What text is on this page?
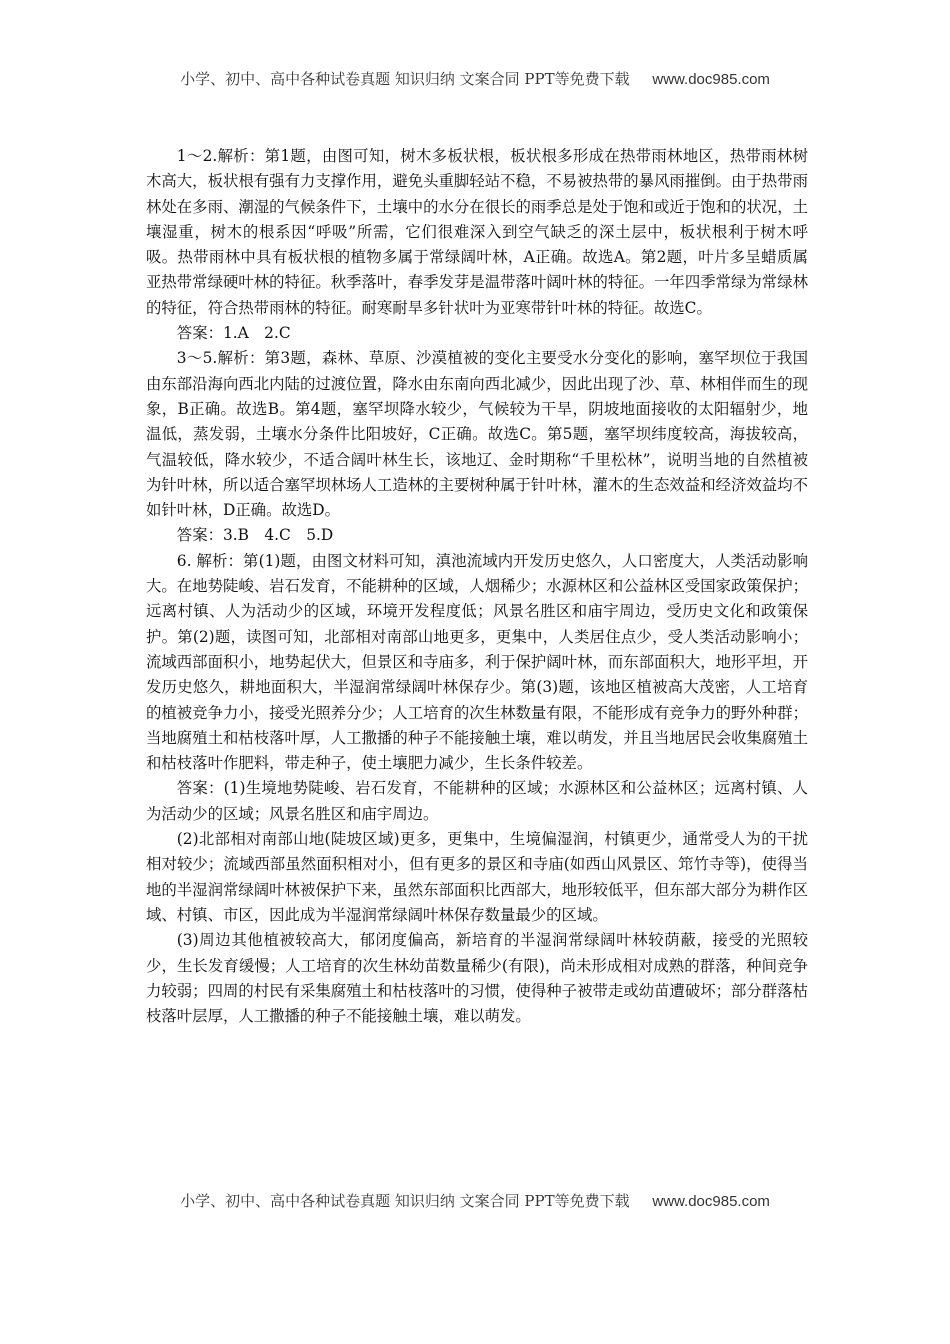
小学、初中、高中各种试卷真题 知识归纳 文案合同 PPT等免费下载 www.doc985.com

1～2.解析：第1题，由图可知，树木多板状根，板状根多形成在热带雨林地区，热带雨林树木高大，板状根有强有力支撑作用，避免头重脚轻站不稳，不易被热带的暴风雨摧倒。由于热带雨林处在多雨、潮湿的气候条件下，土壤中的水分在很长的雨季总是处于饱和或近于饱和的状况，土壤湿重，树木的根系因“呼吸”所需，它们很难深入到空气缺乏的深土层中，板状根利于树木呼吸。热带雨林中具有板状根的植物多属于常绿阔叶林，A正确。故选A。第2题，叶片多呈蜡质属亚热带常绿硬叶林的特征。秋季落叶，春季发芽是温带落叶阔叶林的特征。一年四季常绿为常绿林的特征，符合热带雨林的特征。耐寒耐旱多针状叶为亚寒带针叶林的特征。故选C。

答案：1.A　2.C

3～5.解析：第3题，森林、草原、沙漠植被的变化主要受水分变化的影响，塞罕坝位于我国由东部沿海向西北内陆的过渡位置，降水由东南向西北减少，因此出现了沙、草、林相伴而生的现象，B正确。故选B。第4题，塞罕坝降水较少，气候较为干旱，阴坡地面接收的太阳辐射少，地温低，蒸发弱，土壤水分条件比阳坡好，C正确。故选C。第5题，塞罕坝纬度较高，海拔较高，气温较低，降水较少，不适合阔叶林生长，该地辽、金时期称“千里松林”，说明当地的自然植被为针叶林，所以适合塞罕坝林场人工造林的主要树种属于针叶林，灌木的生态效益和经济效益均不如针叶林，D正确。故选D。

答案：3.B　4.C　5.D

6. 解析：第(1)题，由图文材料可知，滇池流域内开发历史悠久，人口密度大，人类活动影响大。在地势陡峻、岩石发育，不能耕种的区域，人烟稀少；水源林区和公益林区受国家政策保护；远离村镇、人为活动少的区域，环境开发程度低；风景名胜区和庙宇周边，受历史文化和政策保护。第(2)题，读图可知，北部相对南部山地更多，更集中，人类居住点少，受人类活动影响小；流域西部面积小，地势起伏大，但景区和寺庙多，利于保护阔叶林，而东部面积大，地形平坦，开发历史悠久，耕地面积大，半湿润常绿阔叶林保存少。第(3)题，该地区植被高大茂密，人工培育的植被竞争力小，接受光照养分少；人工培育的次生林数量有限，不能形成有竞争力的野外种群；当地腐殖土和枯枝落叶厚，人工撒播的种子不能接触土壤，难以萌发，并且当地居民会收集腐殖土和枯枝落叶作肥料，带走种子，使土壤肥力减少，生长条件较差。

答案：(1)生境地势陡峻、岩石发育，不能耕种的区域；水源林区和公益林区；远离村镇、人为活动少的区域；风景名胜区和庙宇周边。

(2)北部相对南部山地(陡坡区域)更多，更集中，生境偏湿润，村镇更少，通常受人为的干扰相对较少；流域西部虽然面积相对小，但有更多的景区和寺庙(如西山风景区、筇竹寺等)，使得当地的半湿润常绿阔叶林被保护下来，虽然东部面积比西部大，地形较低平，但东部大部分为耕作区域、村镇、市区，因此成为半湿润常绿阔叶林保存数量最少的区域。

(3)周边其他植被较高大，郁闭度偏高，新培育的半湿润常绿阔叶林较荫蔽，接受的光照较少，生长发育缓慢；人工培育的次生林幼苗数量稀少(有限)，尚未形成相对成熟的群落，种间竞争力较弱；四周的村民有采集腐殖土和枯枝落叶的习惯，使得种子被带走或幼苗遭破坏；部分群落枯枝落叶层厚，人工撒播的种子不能接触土壤，难以萌发。

小学、初中、高中各种试卷真题 知识归纳 文案合同 PPT等免费下载 www.doc985.com
